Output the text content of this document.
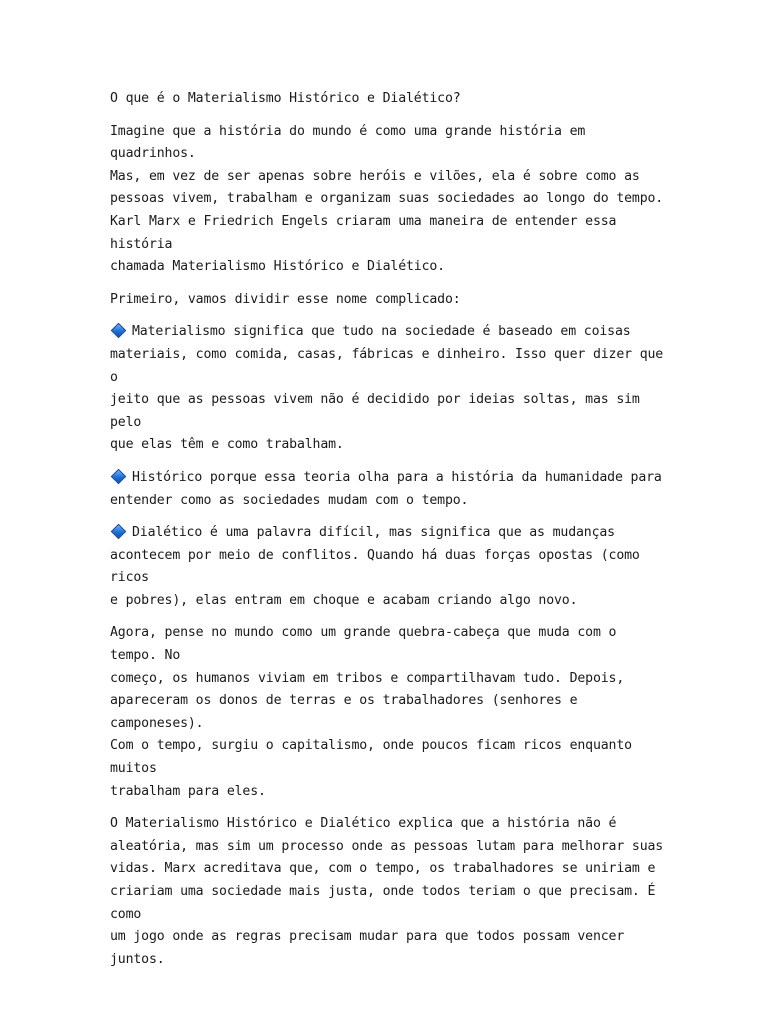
O que é o Materialismo Histórico e Dialético?
Imagine que a história do mundo é como uma grande história em quadrinhos.
Mas, em vez de ser apenas sobre heróis e vilões, ela é sobre como as
pessoas vivem, trabalham e organizam suas sociedades ao longo do tempo.
Karl Marx e Friedrich Engels criaram uma maneira de entender essa história
chamada Materialismo Histórico e Dialético.
Primeiro, vamos dividir esse nome complicado:
Materialismo significa que tudo na sociedade é baseado em coisas
materiais, como comida, casas, fábricas e dinheiro. Isso quer dizer que o
jeito que as pessoas vivem não é decidido por ideias soltas, mas sim pelo
que elas têm e como trabalham.
Histórico porque essa teoria olha para a história da humanidade para
entender como as sociedades mudam com o tempo.
Dialético é uma palavra difícil, mas significa que as mudanças
acontecem por meio de conflitos. Quando há duas forças opostas (como ricos
e pobres), elas entram em choque e acabam criando algo novo.
Agora, pense no mundo como um grande quebra-cabeça que muda com o tempo. No
começo, os humanos viviam em tribos e compartilhavam tudo. Depois,
apareceram os donos de terras e os trabalhadores (senhores e camponeses).
Com o tempo, surgiu o capitalismo, onde poucos ficam ricos enquanto muitos
trabalham para eles.
O Materialismo Histórico e Dialético explica que a história não é
aleatória, mas sim um processo onde as pessoas lutam para melhorar suas
vidas. Marx acreditava que, com o tempo, os trabalhadores se uniriam e
criariam uma sociedade mais justa, onde todos teriam o que precisam. É como
um jogo onde as regras precisam mudar para que todos possam vencer juntos.
